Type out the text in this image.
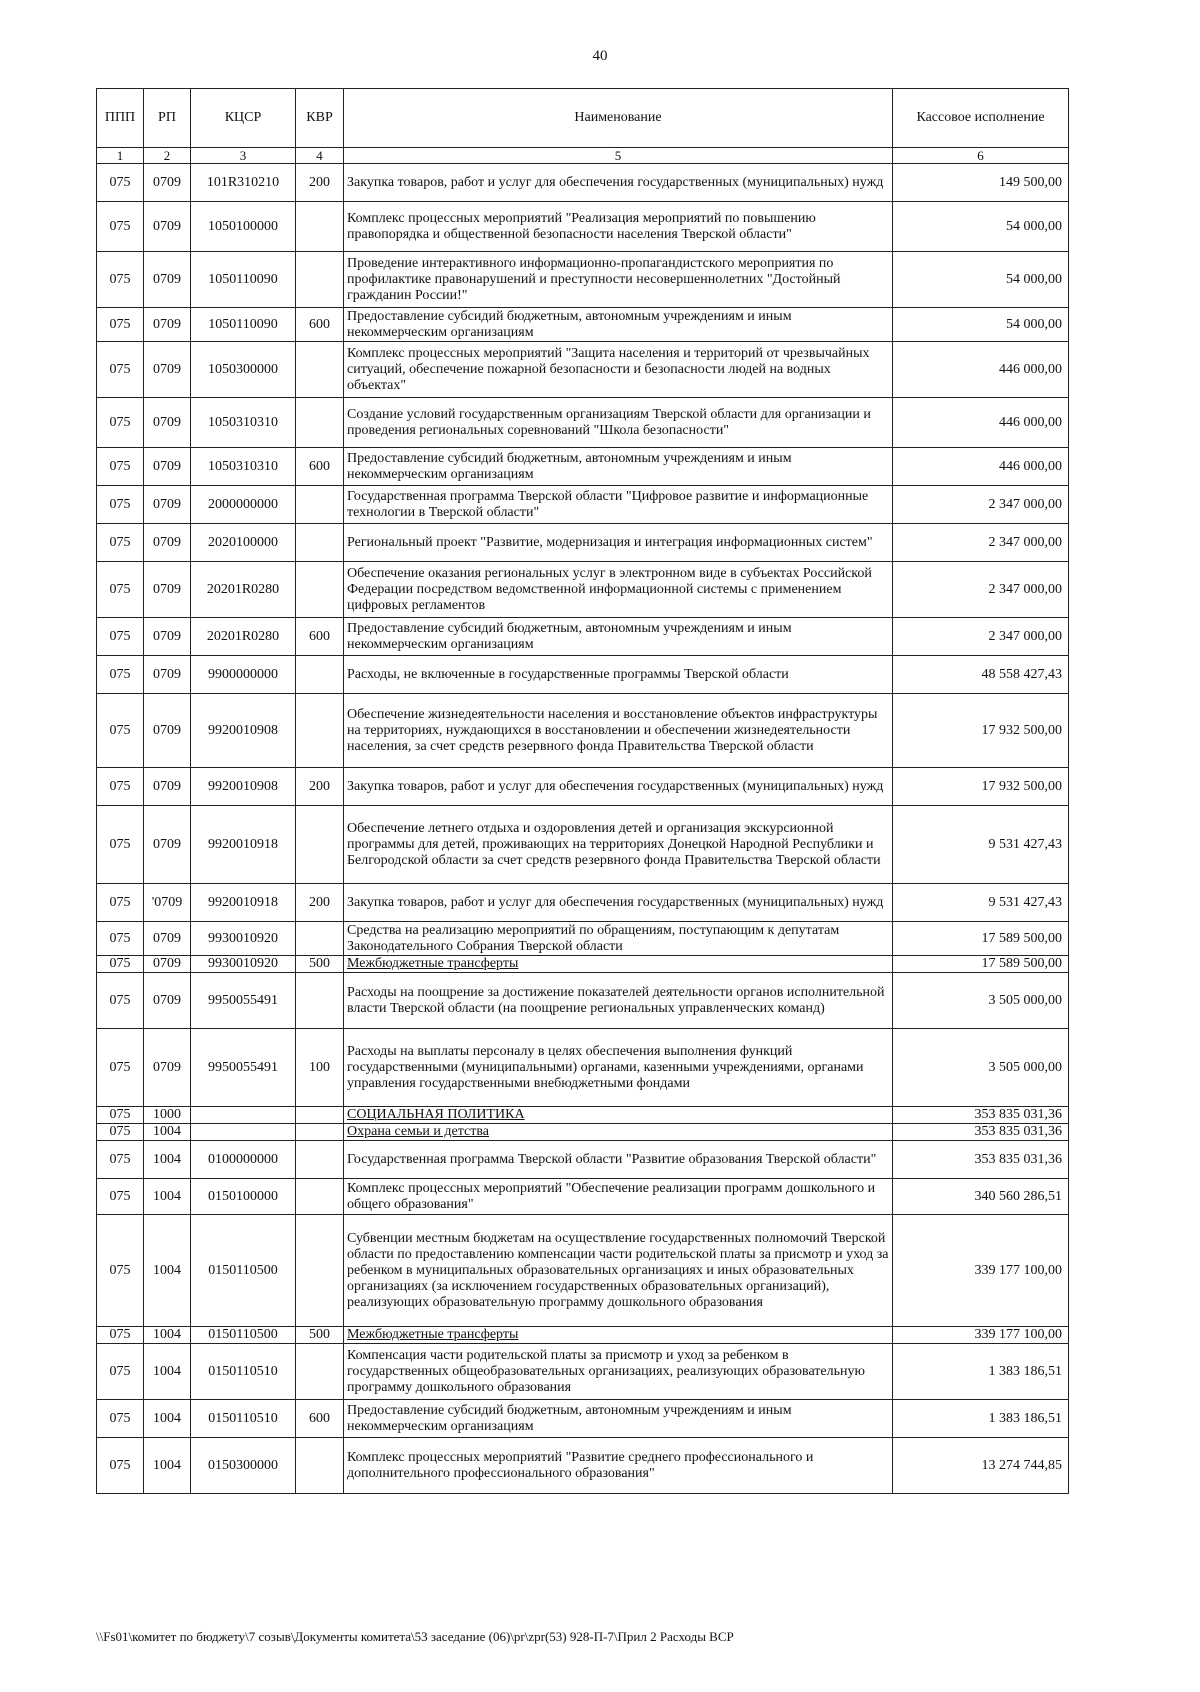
40
ППП	РП	КЦСР	КВР	Наименование	Кассовое исполнение
1	2	3	4	5	6
075	0709	101R310210	200	Закупка товаров, работ и услуг для обеспечения государственных (муниципальных) нужд	149 500,00
075	0709	1050100000		Комплекс процессных мероприятий "Реализация мероприятий по повышению правопорядка и общественной безопасности населения Тверской области"	54 000,00
075	0709	1050110090		Проведение интерактивного информационно-пропагандистского мероприятия по профилактике правонарушений и преступности несовершеннолетних "Достойный гражданин России!"	54 000,00
075	0709	1050110090	600	Предоставление субсидий бюджетным, автономным учреждениям и иным некоммерческим организациям	54 000,00
075	0709	1050300000		Комплекс процессных мероприятий "Защита населения и территорий от чрезвычайных ситуаций, обеспечение пожарной безопасности и безопасности людей на водных объектах"	446 000,00
075	0709	1050310310		Создание условий государственным организациям Тверской области для организации и проведения региональных соревнований "Школа безопасности"	446 000,00
075	0709	1050310310	600	Предоставление субсидий бюджетным, автономным учреждениям и иным некоммерческим организациям	446 000,00
075	0709	2000000000		Государственная программа Тверской области "Цифровое развитие и информационные технологии в Тверской области"	2 347 000,00
075	0709	2020100000		Региональный проект "Развитие, модернизация и интеграция информационных систем"	2 347 000,00
075	0709	20201R0280		Обеспечение оказания региональных услуг в электронном виде в субъектах Российской Федерации посредством ведомственной информационной системы с применением цифровых регламентов	2 347 000,00
075	0709	20201R0280	600	Предоставление субсидий бюджетным, автономным учреждениям и иным некоммерческим организациям	2 347 000,00
075	0709	9900000000		Расходы, не включенные в государственные программы Тверской области	48 558 427,43
075	0709	9920010908		Обеспечение жизнедеятельности населения и восстановление объектов инфраструктуры на территориях, нуждающихся в восстановлении и обеспечении жизнедеятельности населения, за счет средств резервного фонда Правительства Тверской области	17 932 500,00
075	0709	9920010908	200	Закупка товаров, работ и услуг для обеспечения государственных (муниципальных) нужд	17 932 500,00
075	0709	9920010918		Обеспечение летнего отдыха и оздоровления детей и организация экскурсионной программы для детей, проживающих на территориях Донецкой Народной Республики и Белгородской области за счет средств резервного фонда Правительства Тверской области	9 531 427,43
075	'0709	9920010918	200	Закупка товаров, работ и услуг для обеспечения государственных (муниципальных) нужд	9 531 427,43
075	0709	9930010920		Средства на реализацию мероприятий по обращениям, поступающим к депутатам Законодательного Собрания Тверской области	17 589 500,00
075	0709	9930010920	500	Межбюджетные трансферты	17 589 500,00
075	0709	9950055491		Расходы на поощрение за достижение показателей деятельности органов исполнительной власти Тверской области (на поощрение региональных управленческих команд)	3 505 000,00
075	0709	9950055491	100	Расходы на выплаты персоналу в целях обеспечения выполнения функций государственными (муниципальными) органами, казенными учреждениями, органами управления государственными внебюджетными фондами	3 505 000,00
075	1000			СОЦИАЛЬНАЯ ПОЛИТИКА	353 835 031,36
075	1004			Охрана семьи и детства	353 835 031,36
075	1004	0100000000		Государственная программа Тверской области "Развитие образования Тверской области"	353 835 031,36
075	1004	0150100000		Комплекс процессных мероприятий "Обеспечение реализации программ дошкольного и общего образования"	340 560 286,51
075	1004	0150110500		Субвенции местным бюджетам на осуществление государственных полномочий Тверской области по предоставлению компенсации части родительской платы за присмотр и уход за ребенком в муниципальных образовательных организациях и иных образовательных организациях (за исключением государственных образовательных организаций), реализующих образовательную программу дошкольного образования	339 177 100,00
075	1004	0150110500	500	Межбюджетные трансферты	339 177 100,00
075	1004	0150110510		Компенсация части родительской платы за присмотр и уход за ребенком в государственных общеобразовательных организациях, реализующих образовательную программу дошкольного образования	1 383 186,51
075	1004	0150110510	600	Предоставление субсидий бюджетным, автономным учреждениям и иным некоммерческим организациям	1 383 186,51
075	1004	0150300000		Комплекс процессных мероприятий "Развитие среднего профессионального и дополнительного профессионального образования"	13 274 744,85
\\Fs01\комитет по бюджету\7 созыв\Документы комитета\53 заседание (06)\pr\zpr(53) 928-П-7\Прил 2 Расходы ВСР
